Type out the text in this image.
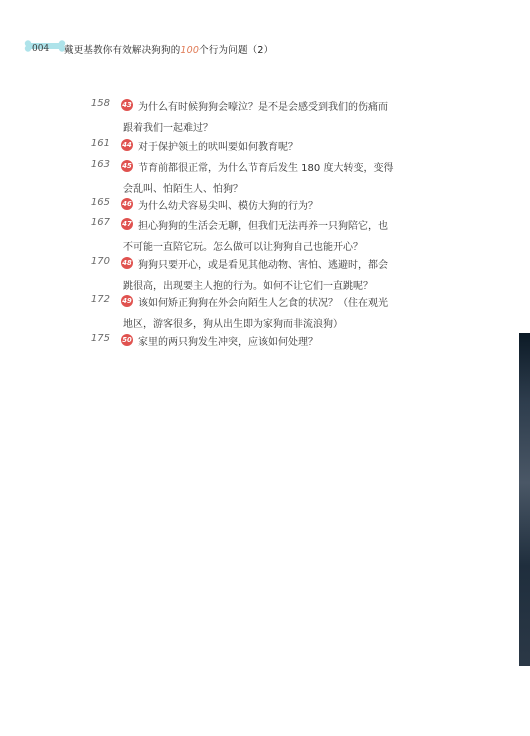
004 戴更基教你有效解决狗狗的100个行为问题（2）
158 43 为什么有时候狗狗会嚎泣？是不是会感受到我们的伤痛而
跟着我们一起难过？
161 44 对于保护领土的吠叫要如何教育呢？
163 45 节育前都很正常，为什么节育后发生 180 度大转变，变得
会乱叫、怕陌生人、怕狗？
165 46 为什么幼犬容易尖叫、模仿大狗的行为？
167 47 担心狗狗的生活会无聊，但我们无法再养一只狗陪它，也
不可能一直陪它玩。怎么做可以让狗狗自己也能开心？
170 48 狗狗只要开心，或是看见其他动物、害怕、逃避时，都会
跳很高，出现要主人抱的行为。如何不让它们一直跳呢？
172 49 该如何矫正狗狗在外会向陌生人乞食的状况？（住在观光
地区，游客很多，狗从出生即为家狗而非流浪狗）
175 50 家里的两只狗发生冲突，应该如何处理？
